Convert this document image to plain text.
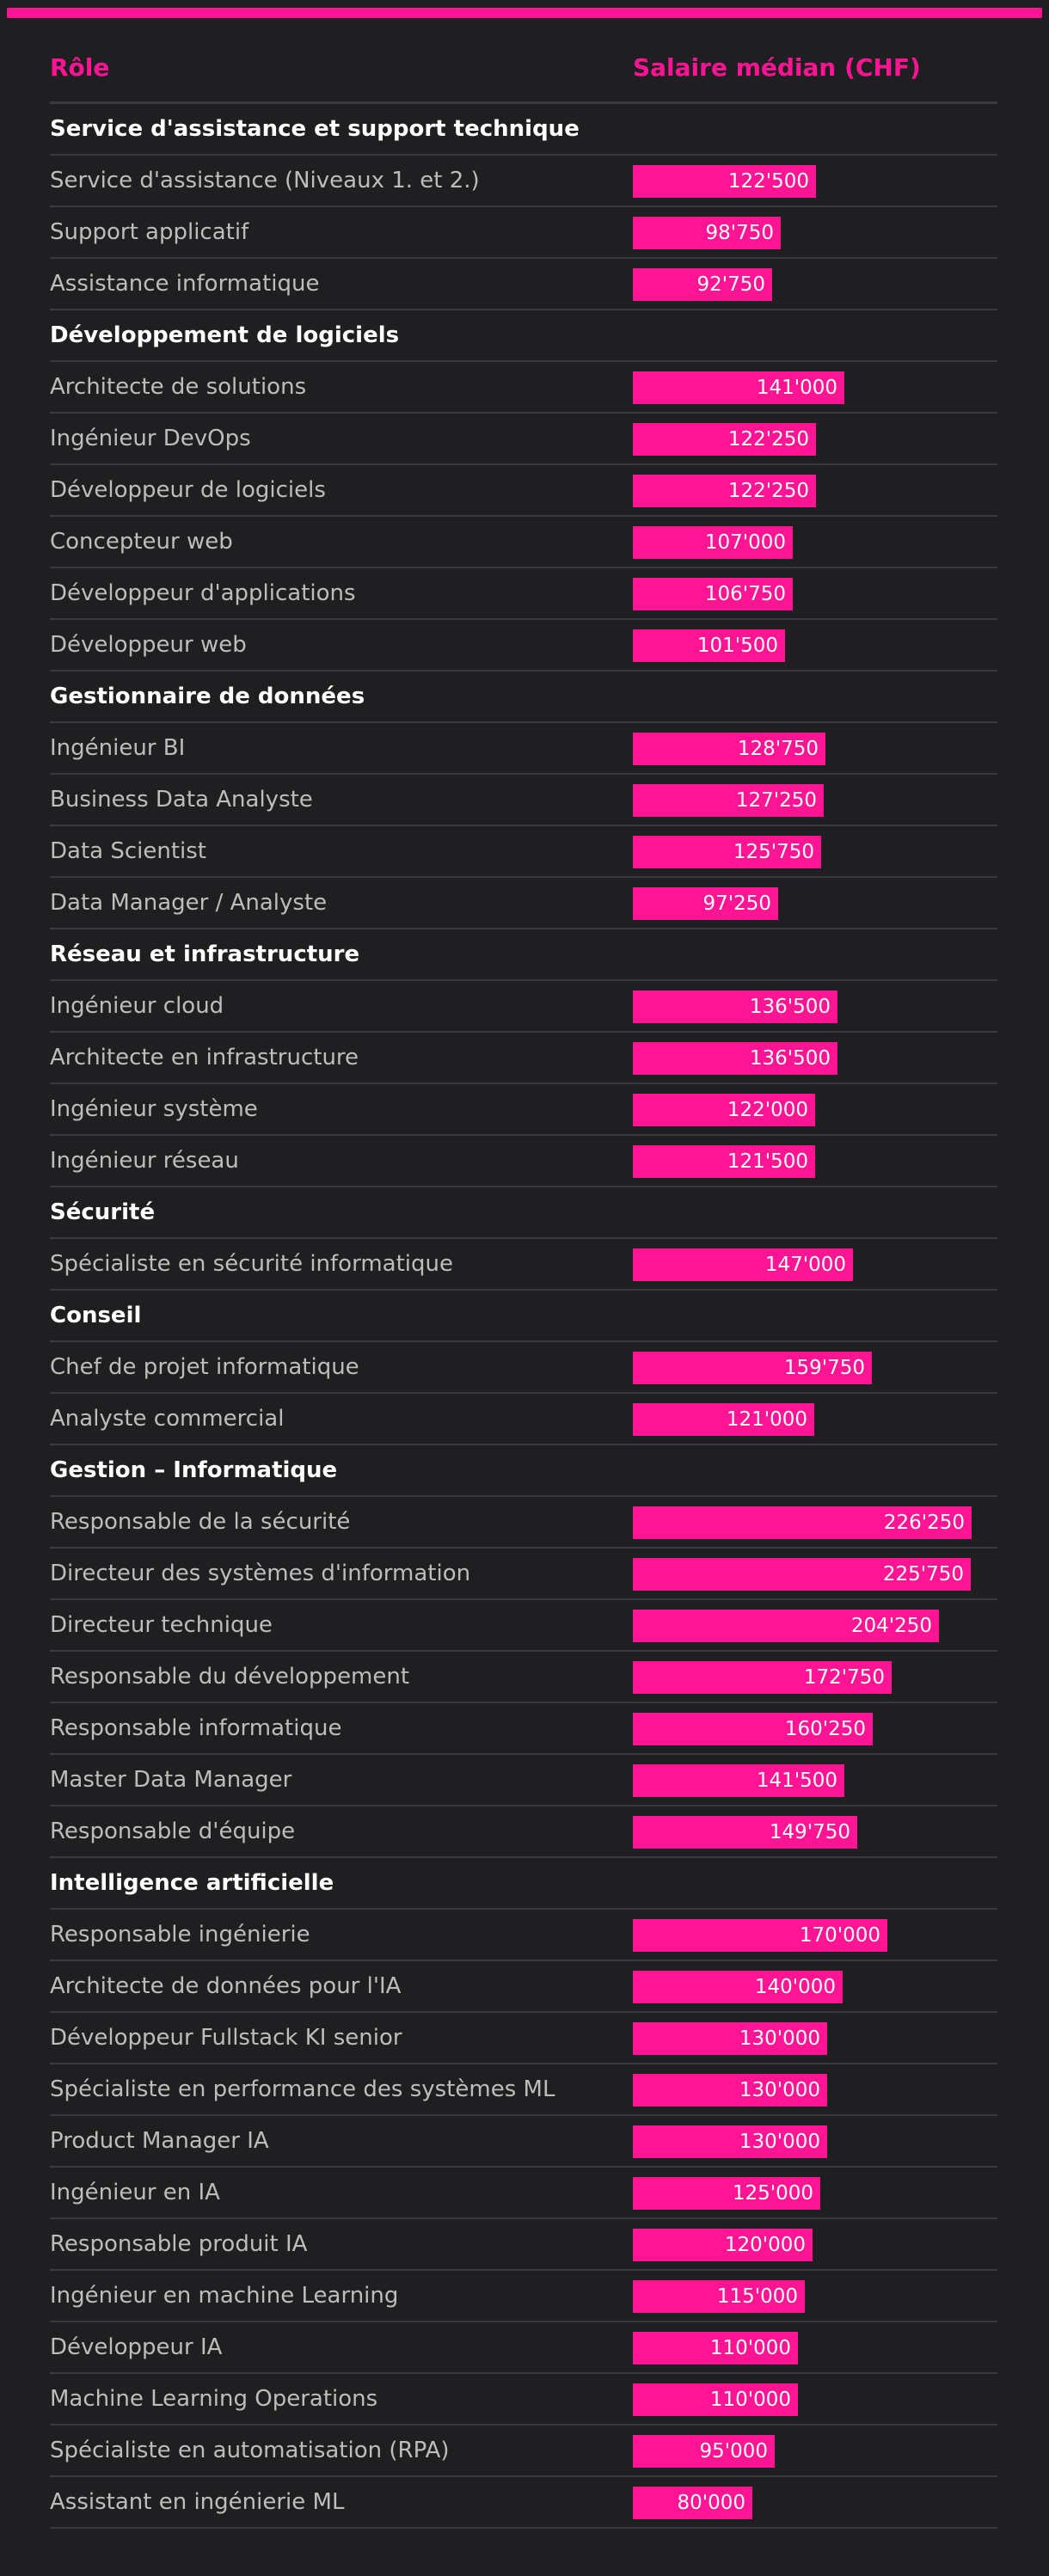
Rôle	Salaire médian (CHF)
Service d'assistance et support technique
Service d'assistance (Niveaux 1. et 2.)	122'500
Support applicatif	98'750
Assistance informatique	92'750
Développement de logiciels
Architecte de solutions	141'000
Ingénieur DevOps	122'250
Développeur de logiciels	122'250
Concepteur web	107'000
Développeur d'applications	106'750
Développeur web	101'500
Gestionnaire de données
Ingénieur BI	128'750
Business Data Analyste	127'250
Data Scientist	125'750
Data Manager / Analyste	97'250
Réseau et infrastructure
Ingénieur cloud	136'500
Architecte en infrastructure	136'500
Ingénieur système	122'000
Ingénieur réseau	121'500
Sécurité
Spécialiste en sécurité informatique	147'000
Conseil
Chef de projet informatique	159'750
Analyste commercial	121'000
Gestion – Informatique
Responsable de la sécurité	226'250
Directeur des systèmes d'information	225'750
Directeur technique	204'250
Responsable du développement	172'750
Responsable informatique	160'250
Master Data Manager	141'500
Responsable d'équipe	149'750
Intelligence artificielle
Responsable ingénierie	170'000
Architecte de données pour l'IA	140'000
Développeur Fullstack KI senior	130'000
Spécialiste en performance des systèmes ML	130'000
Product Manager IA	130'000
Ingénieur en IA	125'000
Responsable produit IA	120'000
Ingénieur en machine Learning	115'000
Développeur IA	110'000
Machine Learning Operations	110'000
Spécialiste en automatisation (RPA)	95'000
Assistant en ingénierie ML	80'000
